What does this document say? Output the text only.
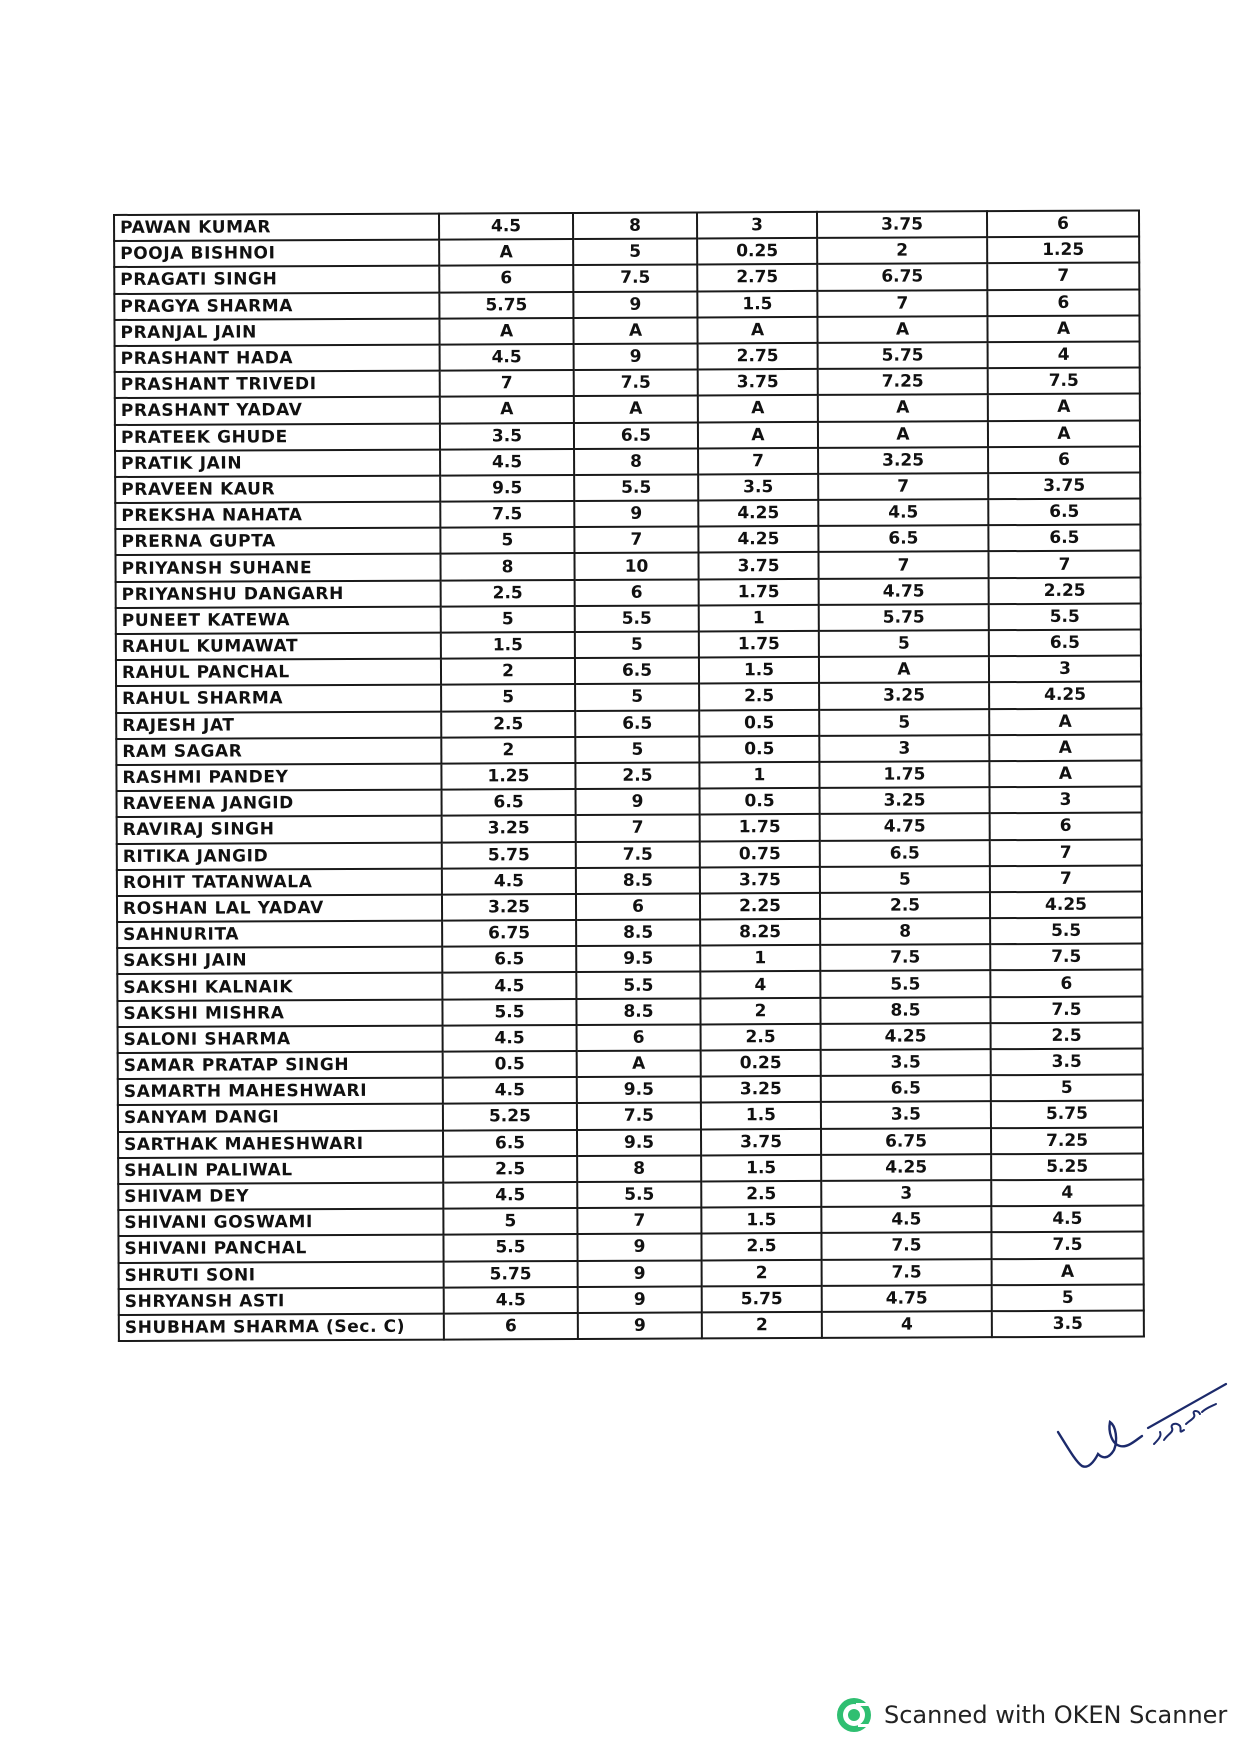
PAWAN KUMAR	4.5	8	3	3.75	6
POOJA BISHNOI	A	5	0.25	2	1.25
PRAGATI SINGH	6	7.5	2.75	6.75	7
PRAGYA SHARMA	5.75	9	1.5	7	6
PRANJAL JAIN	A	A	A	A	A
PRASHANT HADA	4.5	9	2.75	5.75	4
PRASHANT TRIVEDI	7	7.5	3.75	7.25	7.5
PRASHANT YADAV	A	A	A	A	A
PRATEEK GHUDE	3.5	6.5	A	A	A
PRATIK JAIN	4.5	8	7	3.25	6
PRAVEEN KAUR	9.5	5.5	3.5	7	3.75
PREKSHA NAHATA	7.5	9	4.25	4.5	6.5
PRERNA GUPTA	5	7	4.25	6.5	6.5
PRIYANSH SUHANE	8	10	3.75	7	7
PRIYANSHU DANGARH	2.5	6	1.75	4.75	2.25
PUNEET KATEWA	5	5.5	1	5.75	5.5
RAHUL KUMAWAT	1.5	5	1.75	5	6.5
RAHUL PANCHAL	2	6.5	1.5	A	3
RAHUL SHARMA	5	5	2.5	3.25	4.25
RAJESH JAT	2.5	6.5	0.5	5	A
RAM SAGAR	2	5	0.5	3	A
RASHMI PANDEY	1.25	2.5	1	1.75	A
RAVEENA JANGID	6.5	9	0.5	3.25	3
RAVIRAJ SINGH	3.25	7	1.75	4.75	6
RITIKA JANGID	5.75	7.5	0.75	6.5	7
ROHIT TATANWALA	4.5	8.5	3.75	5	7
ROSHAN LAL YADAV	3.25	6	2.25	2.5	4.25
SAHNURITA	6.75	8.5	8.25	8	5.5
SAKSHI JAIN	6.5	9.5	1	7.5	7.5
SAKSHI KALNAIK	4.5	5.5	4	5.5	6
SAKSHI MISHRA	5.5	8.5	2	8.5	7.5
SALONI SHARMA	4.5	6	2.5	4.25	2.5
SAMAR PRATAP SINGH	0.5	A	0.25	3.5	3.5
SAMARTH MAHESHWARI	4.5	9.5	3.25	6.5	5
SANYAM DANGI	5.25	7.5	1.5	3.5	5.75
SARTHAK MAHESHWARI	6.5	9.5	3.75	6.75	7.25
SHALIN PALIWAL	2.5	8	1.5	4.25	5.25
SHIVAM DEY	4.5	5.5	2.5	3	4
SHIVANI GOSWAMI	5	7	1.5	4.5	4.5
SHIVANI PANCHAL	5.5	9	2.5	7.5	7.5
SHRUTI SONI	5.75	9	2	7.5	A
SHRYANSH ASTI	4.5	9	5.75	4.75	5
SHUBHAM SHARMA (Sec. C)	6	9	2	4	3.5
Scanned with OKEN Scanner
